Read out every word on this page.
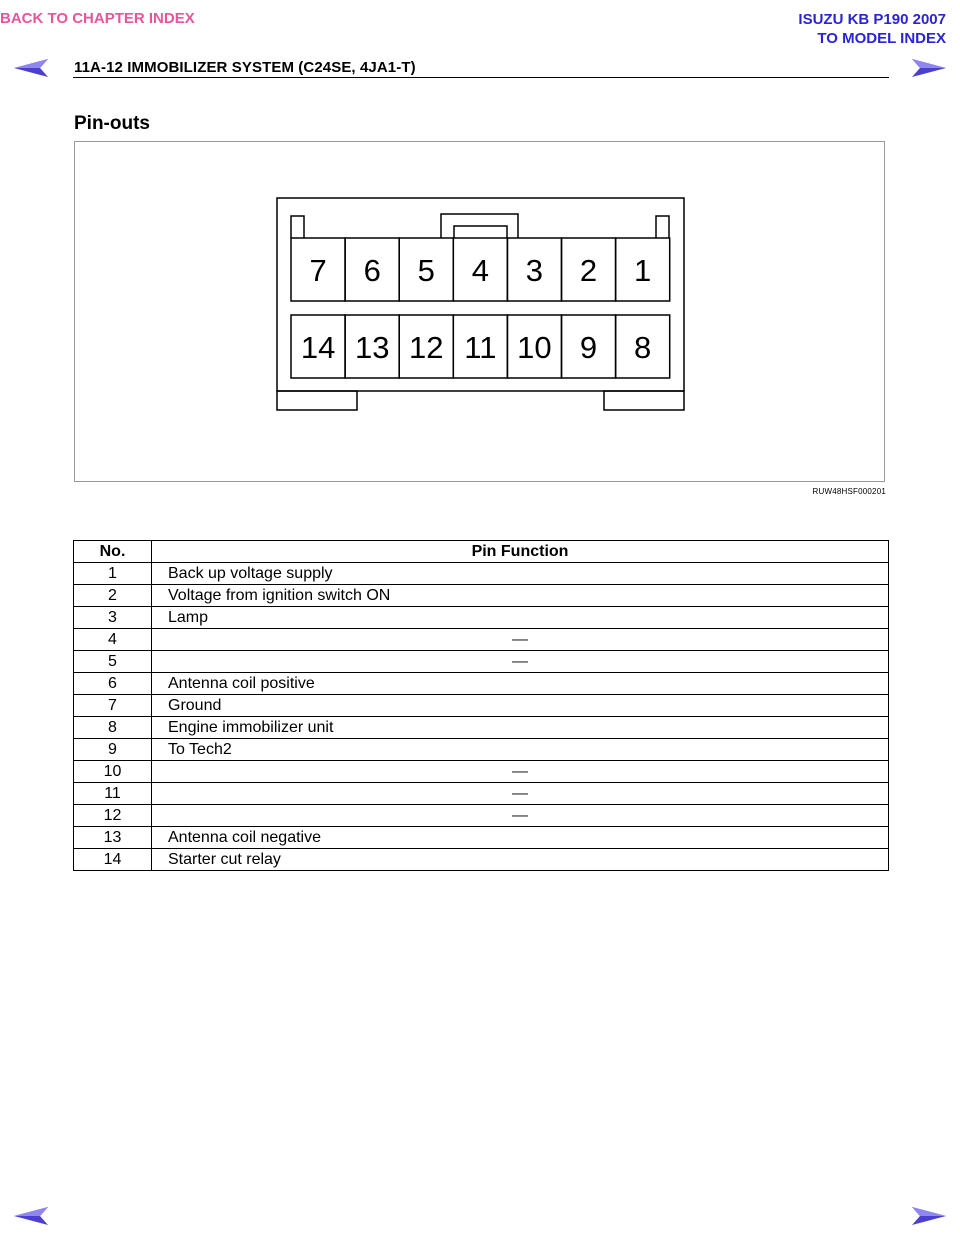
BACK TO CHAPTER INDEX	ISUZU KB P190 2007
TO MODEL INDEX
11A-12 IMMOBILIZER SYSTEM (C24SE, 4JA1-T)
Pin-outs
7 6 5 4 3 2 1
14 13 12 11 10 9 8
RUW48HSF000201
No.	Pin Function
1	Back up voltage supply
2	Voltage from ignition switch ON
3	Lamp
4	—
5	—
6	Antenna coil positive
7	Ground
8	Engine immobilizer unit
9	To Tech2
10	—
11	—
12	—
13	Antenna coil negative
14	Starter cut relay
